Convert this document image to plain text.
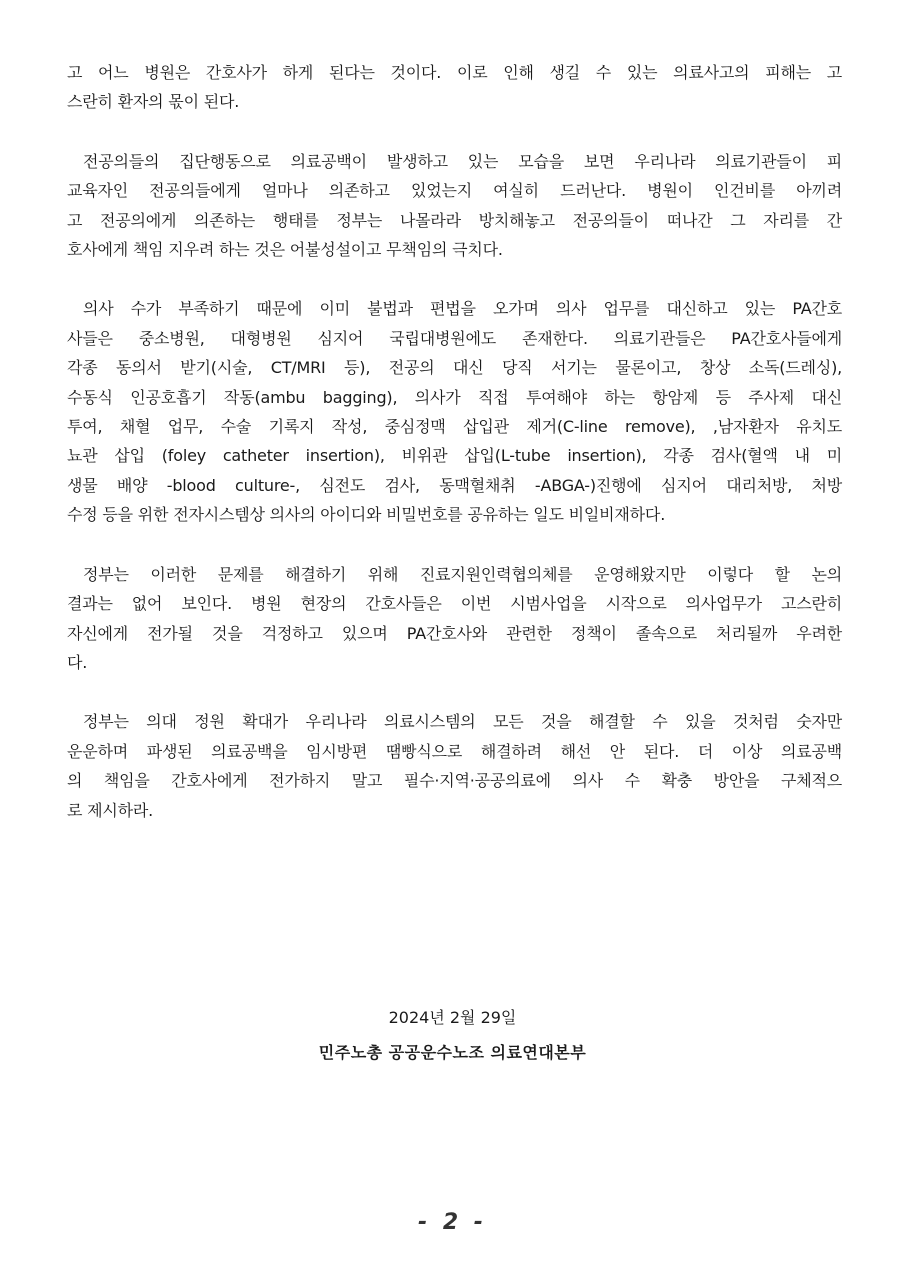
고 어느 병원은 간호사가 하게 된다는 것이다. 이로 인해 생길 수 있는 의료사고의 피해는 고
스란히 환자의 몫이 된다.
전공의들의 집단행동으로 의료공백이 발생하고 있는 모습을 보면 우리나라 의료기관들이 피
교육자인 전공의들에게 얼마나 의존하고 있었는지 여실히 드러난다. 병원이 인건비를 아끼려
고 전공의에게 의존하는 행태를 정부는 나몰라라 방치해놓고 전공의들이 떠나간 그 자리를 간
호사에게 책임 지우려 하는 것은 어불성설이고 무책임의 극치다.
의사 수가 부족하기 때문에 이미 불법과 편법을 오가며 의사 업무를 대신하고 있는 PA간호
사들은 중소병원, 대형병원 심지어 국립대병원에도 존재한다. 의료기관들은 PA간호사들에게
각종 동의서 받기(시술, CT/MRI 등), 전공의 대신 당직 서기는 물론이고, 창상 소독(드레싱),
수동식 인공호흡기 작동(ambu bagging), 의사가 직접 투여해야 하는 항암제 등 주사제 대신
투여, 채혈 업무, 수술 기록지 작성, 중심정맥 삽입관 제거(C-line remove), ,남자환자 유치도
뇨관 삽입 (foley catheter insertion), 비위관 삽입(L-tube insertion), 각종 검사(혈액 내 미
생물 배양 -blood culture-, 심전도 검사, 동맥혈채취 -ABGA-)진행에 심지어 대리처방, 처방
수정 등을 위한 전자시스템상 의사의 아이디와 비밀번호를 공유하는 일도 비일비재하다.
정부는 이러한 문제를 해결하기 위해 진료지원인력협의체를 운영해왔지만 이렇다 할 논의
결과는 없어 보인다. 병원 현장의 간호사들은 이번 시범사업을 시작으로 의사업무가 고스란히
자신에게 전가될 것을 걱정하고 있으며 PA간호사와 관련한 정책이 졸속으로 처리될까 우려한
다.
정부는 의대 정원 확대가 우리나라 의료시스템의 모든 것을 해결할 수 있을 것처럼 숫자만
운운하며 파생된 의료공백을 임시방편 땜빵식으로 해결하려 해선 안 된다. 더 이상 의료공백
의 책임을 간호사에게 전가하지 말고 필수·지역·공공의료에 의사 수 확충 방안을 구체적으
로 제시하라.
2024년 2월 29일
민주노총 공공운수노조 의료연대본부
- 2 -
